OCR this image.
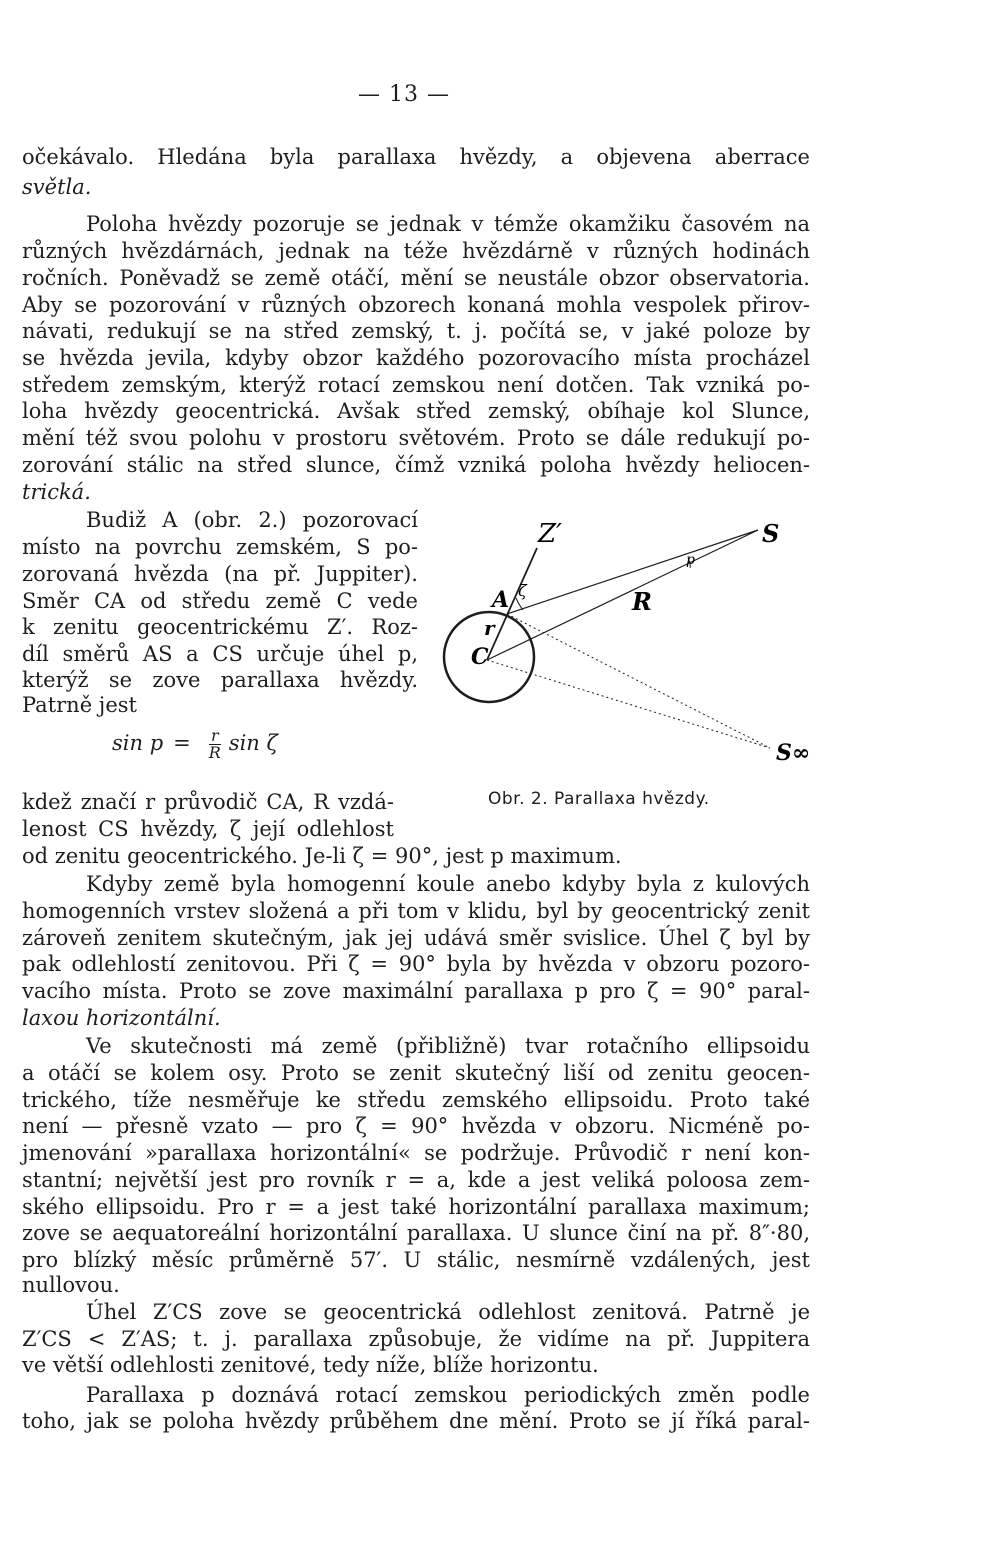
— 13 —
očekávalo. Hledána byla parallaxa hvězdy, a objevena aberrace
světla.
Poloha hvězdy pozoruje se jednak v témže okamžiku časovém na
různých hvězdárnách, jednak na téže hvězdárně v různých hodinách
ročních. Poněvadž se země otáčí, mění se neustále obzor observatoria.
Aby se pozorování v různých obzorech konaná mohla vespolek přirov-
návati, redukují se na střed zemský, t. j. počítá se, v jaké poloze by
se hvězda jevila, kdyby obzor každého pozorovacího místa procházel
středem zemským, kterýž rotací zemskou není dotčen. Tak vzniká po-
loha hvězdy geocentrická. Avšak střed zemský, obíhaje kol Slunce,
mění též svou polohu v prostoru světovém. Proto se dále redukují po-
zorování stálic na střed slunce, čímž vzniká poloha hvězdy heliocen-
trická.
Budiž A (obr. 2.) pozorovací
místo na povrchu zemském, S po-
zorovaná hvězda (na př. Juppiter).
Směr CA od středu země C vede
k zenitu geocentrickému Z′. Roz-
díl směrů AS a CS určuje úhel p,
kterýž se zove parallaxa hvězdy.
Patrně jest
$\sin p = \frac{r}{R}$ sin ζ
Z′	S
S∞
R
A
r
C
ζ
p
Obr. 2. Parallaxa hvězdy.
kdež značí r průvodič CA, R vzdá-
lenost CS hvězdy, ζ její odlehlost
od zenitu geocentrického. Je-li ζ = 90°, jest p maximum.
Kdyby země byla homogenní koule anebo kdyby byla z kulových
homogenních vrstev složená a při tom v klidu, byl by geocentrický zenit
zároveň zenitem skutečným, jak jej udává směr svislice. Úhel ζ byl by
pak odlehlostí zenitovou. Při ζ = 90° byla by hvězda v obzoru pozoro-
vacího místa. Proto se zove maximální parallaxa p pro ζ = 90° paral-
laxou horizontální.
Ve skutečnosti má země (přibližně) tvar rotačního ellipsoidu
a otáčí se kolem osy. Proto se zenit skutečný liší od zenitu geocen-
trického, tíže nesměřuje ke středu zemského ellipsoidu. Proto také
není — přesně vzato — pro ζ = 90° hvězda v obzoru. Nicméně po-
jmenování »parallaxa horizontální« se podržuje. Průvodič r není kon-
stantní; největší jest pro rovník r = a, kde a jest veliká poloosa zem-
ského ellipsoidu. Pro r = a jest také horizontální parallaxa maximum;
zove se aequatoreální horizontální parallaxa. U slunce činí na př. 8″·80,
pro blízký měsíc průměrně 57′. U stálic, nesmírně vzdálených, jest
nullovou.
Úhel Z′CS zove se geocentrická odlehlost zenitová. Patrně je
Z′CS < Z′AS; t. j. parallaxa způsobuje, že vidíme na př. Juppitera
ve větší odlehlosti zenitové, tedy níže, blíže horizontu.
Parallaxa p doznává rotací zemskou periodických změn podle
toho, jak se poloha hvězdy průběhem dne mění. Proto se jí říká paral-
